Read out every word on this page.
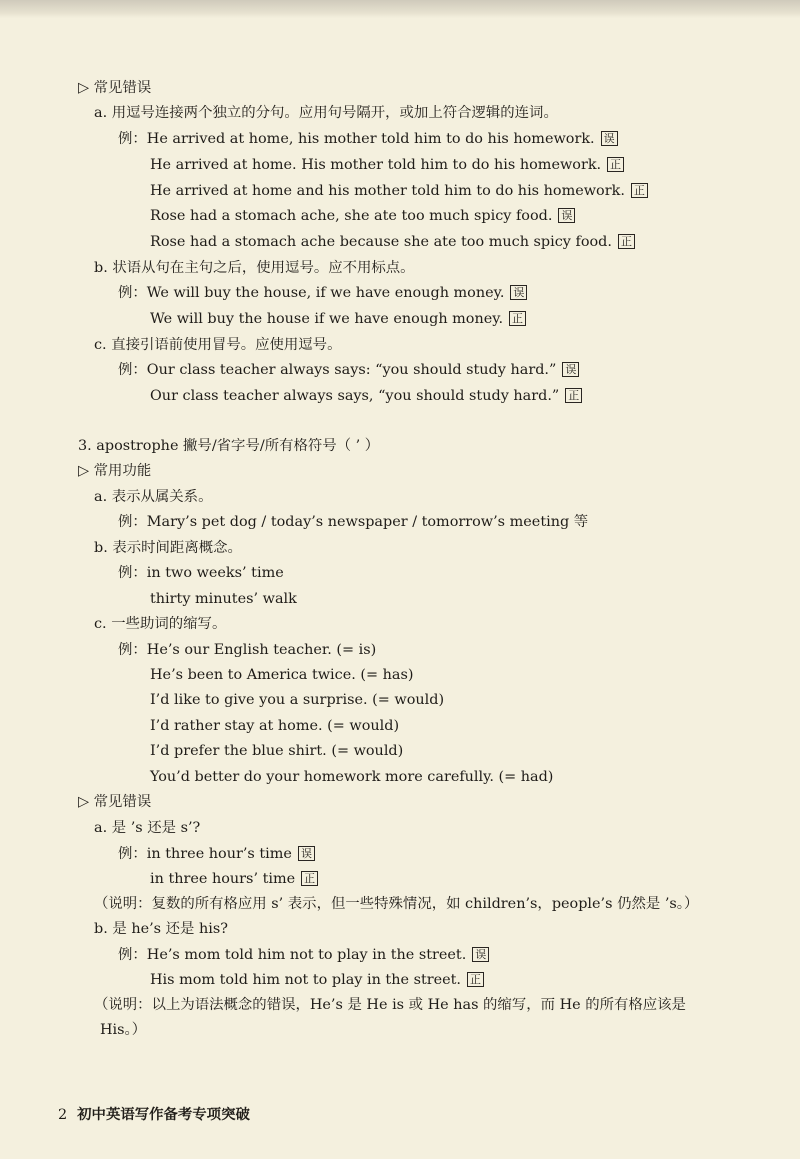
▷ 常见错误
a. 用逗号连接两个独立的分句。应用句号隔开，或加上符合逻辑的连词。
例：He arrived at home, his mother told him to do his homework. 误
He arrived at home. His mother told him to do his homework. 正
He arrived at home and his mother told him to do his homework. 正
Rose had a stomach ache, she ate too much spicy food. 误
Rose had a stomach ache because she ate too much spicy food. 正
b. 状语从句在主句之后，使用逗号。应不用标点。
例：We will buy the house, if we have enough money. 误
We will buy the house if we have enough money. 正
c. 直接引语前使用冒号。应使用逗号。
例：Our class teacher always says: “you should study hard.” 误
Our class teacher always says, “you should study hard.” 正
3. apostrophe 撇号/省字号/所有格符号（ ’ ）
▷ 常用功能
a. 表示从属关系。
例：Mary’s pet dog / today’s newspaper / tomorrow’s meeting 等
b. 表示时间距离概念。
例：in two weeks’ time
thirty minutes’ walk
c. 一些助词的缩写。
例：He’s our English teacher. (= is)
He’s been to America twice. (= has)
I’d like to give you a surprise. (= would)
I’d rather stay at home. (= would)
I’d prefer the blue shirt. (= would)
You’d better do your homework more carefully. (= had)
▷ 常见错误
a. 是 ’s 还是 s’?
例：in three hour’s time 误
in three hours’ time 正
（说明：复数的所有格应用 s’ 表示，但一些特殊情况，如 children’s，people’s 仍然是 ’s。）
b. 是 he’s 还是 his?
例：He’s mom told him not to play in the street. 误
His mom told him not to play in the street. 正
（说明：以上为语法概念的错误，He’s 是 He is 或 He has 的缩写，而 He 的所有格应该是
His。）
2 初中英语写作备考专项突破
